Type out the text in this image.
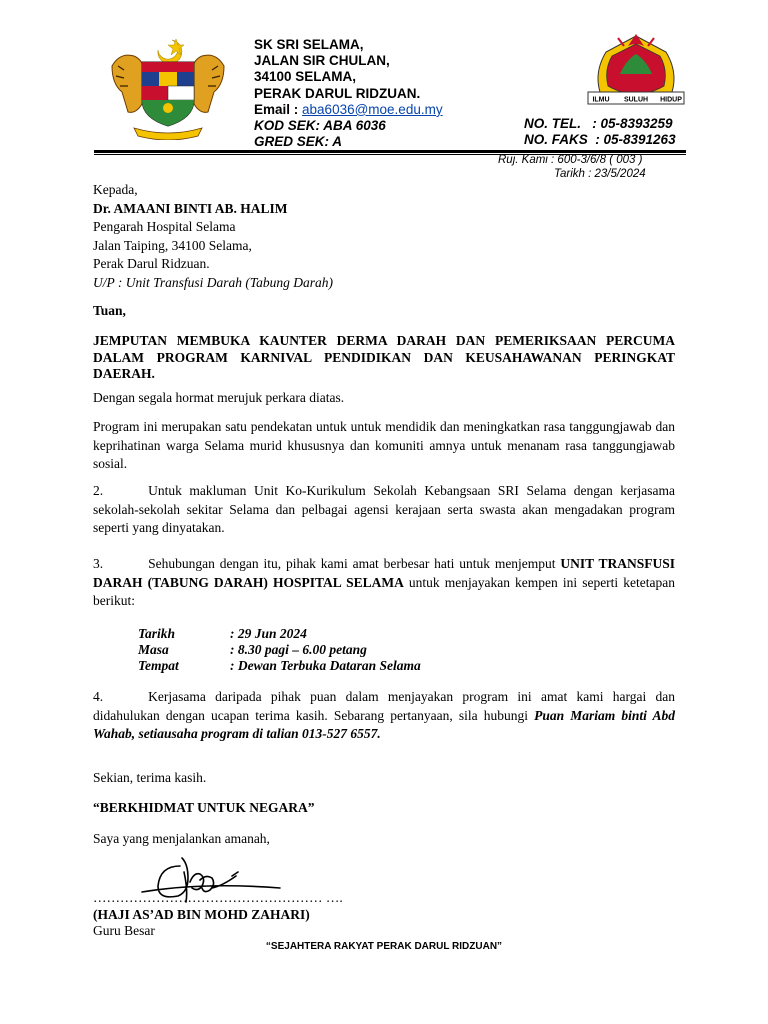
ILMU SULUH HIDUP
SK SRI SELAMA,
JALAN SIR CHULAN,
34100 SELAMA,
PERAK DARUL RIDZUAN.
Email : aba6036@moe.edu.my
KOD SEK: ABA 6036
GRED SEK: A
NO. TEL.   : 05-8393259
NO. FAKS  : 05-8391263
Ruj. Kami : 600-3/6/8 ( 003 )
Tarikh : 23/5/2024
Kepada,
Dr. AMAANI BINTI AB. HALIM
Pengarah Hospital Selama
Jalan Taiping, 34100 Selama,
Perak Darul Ridzuan.
U/P : Unit Transfusi Darah (Tabung Darah)
Tuan,
JEMPUTAN MEMBUKA KAUNTER DERMA DARAH DAN PEMERIKSAAN PERCUMA DALAM PROGRAM KARNIVAL PENDIDIKAN DAN KEUSAHAWANAN PERINGKAT DAERAH.
Dengan segala hormat merujuk perkara diatas.
Program ini merupakan satu pendekatan untuk untuk mendidik dan meningkatkan rasa tanggungjawab dan keprihatinan warga Selama murid khususnya dan komuniti amnya untuk menanam rasa tanggungjawab sosial.
2.	Untuk makluman Unit Ko-Kurikulum Sekolah Kebangsaan SRI Selama dengan kerjasama sekolah-sekolah sekitar Selama dan pelbagai agensi kerajaan serta swasta akan mengadakan program seperti yang dinyatakan.
3.	Sehubungan dengan itu, pihak kami amat berbesar hati untuk menjemput UNIT TRANSFUSI DARAH (TABUNG DARAH) HOSPITAL SELAMA untuk menjayakan kempen ini seperti ketetapan berikut:
Tarikh	: 29 Jun 2024
Masa	: 8.30 pagi – 6.00 petang
Tempat	: Dewan Terbuka Dataran Selama
4.	Kerjasama daripada pihak puan dalam menjayakan program ini amat kami hargai dan didahulukan dengan ucapan terima kasih. Sebarang pertanyaan, sila hubungi Puan Mariam binti Abd Wahab, setiausaha program di talian 013-527 6557.
Sekian, terima kasih.
“BERKHIDMAT UNTUK NEGARA”
Saya yang menjalankan amanah,
…………………………………………… ….
(HAJI AS’AD BIN MOHD ZAHARI)
Guru Besar
“SEJAHTERA RAKYAT PERAK DARUL RIDZUAN”
